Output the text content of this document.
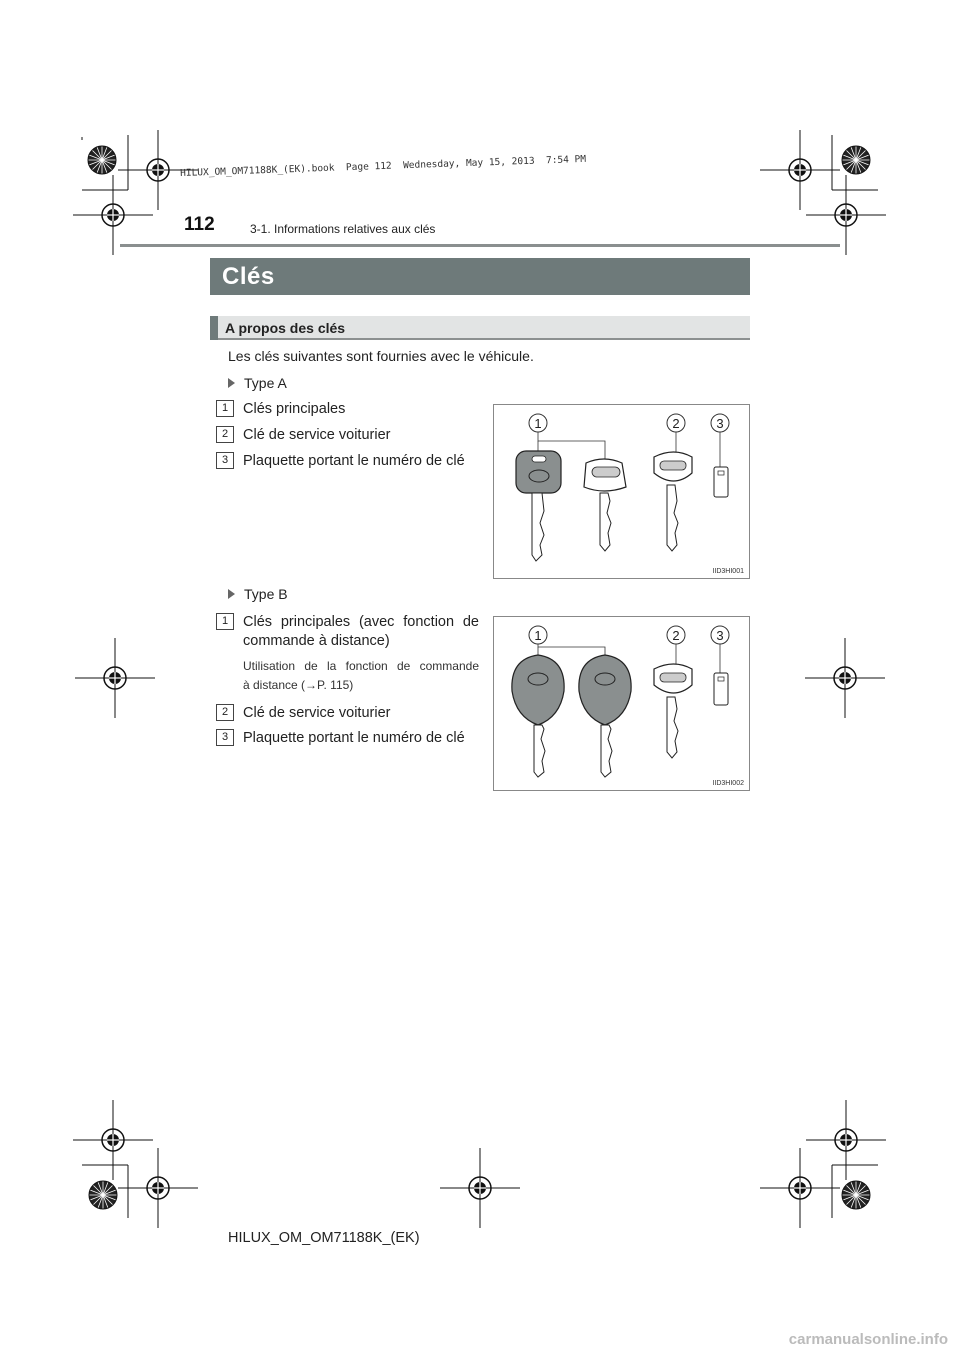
HILUX_OM_OM71188K_(EK).book  Page 112  Wednesday, May 15, 2013  7:54 PM
112	3-1. Informations relatives aux clés
Clés
A propos des clés
Les clés suivantes sont fournies avec le véhicule.
Type A
1	Clés principales
2	Clé de service voiturier
3	Plaquette portant le numéro de clé
1	2	3
IID3HI001
Type B
1	Clés principales (avec fonction de
commande à distance)
Utilisation de la fonction de commande
à distance (→P. 115)
2	Clé de service voiturier
3	Plaquette portant le numéro de clé
1	2	3
IID3HI002
HILUX_OM_OM71188K_(EK)
carmanualsonline.info
